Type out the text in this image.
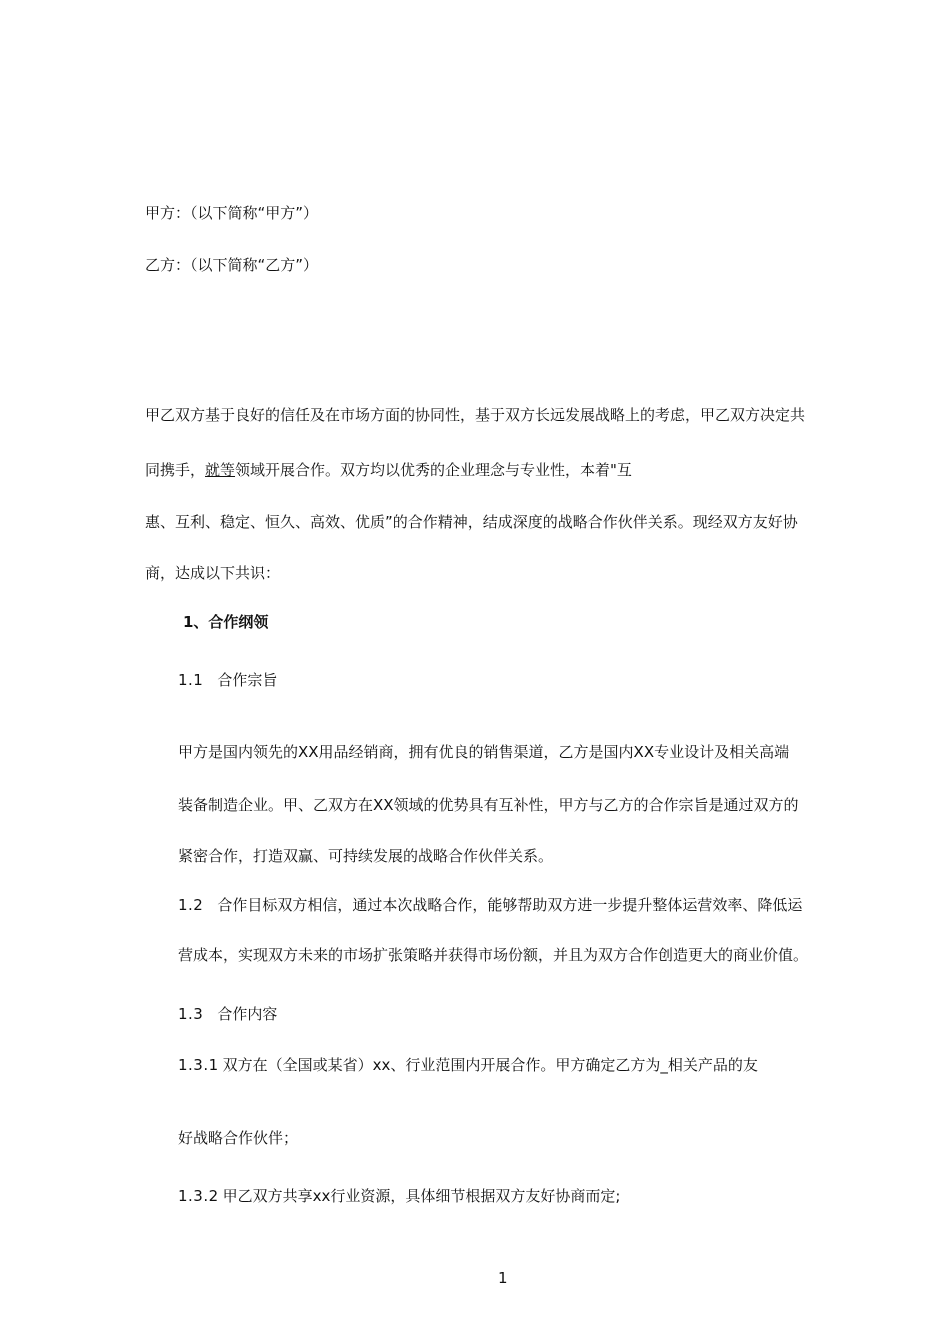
甲方：（以下简称“甲方”）
乙方：（以下简称“乙方”）
甲乙双方基于良好的信任及在市场方面的协同性，基于双方长远发展战略上的考虑，甲乙双方决定共
同携手，就等领域开展合作。双方均以优秀的企业理念与专业性，本着"互
惠、互利、稳定、恒久、高效、优质”的合作精神，结成深度的战略合作伙伴关系。现经双方友好协
商，达成以下共识：
1、合作纲领
1.1 合作宗旨
甲方是国内领先的XX用品经销商，拥有优良的销售渠道，乙方是国内XX专业设计及相关高端
装备制造企业。甲、乙双方在XX领域的优势具有互补性，甲方与乙方的合作宗旨是通过双方的
紧密合作，打造双赢、可持续发展的战略合作伙伴关系。
1.2 合作目标双方相信，通过本次战略合作，能够帮助双方进一步提升整体运营效率、降低运
营成本，实现双方未来的市场扩张策略并获得市场份额，并且为双方合作创造更大的商业价值。
1.3 合作内容
1.3.1 双方在（全国或某省）xx、行业范围内开展合作。甲方确定乙方为_相关产品的友
好战略合作伙伴；
1.3.2 甲乙双方共享xx行业资源，具体细节根据双方友好协商而定;
1
